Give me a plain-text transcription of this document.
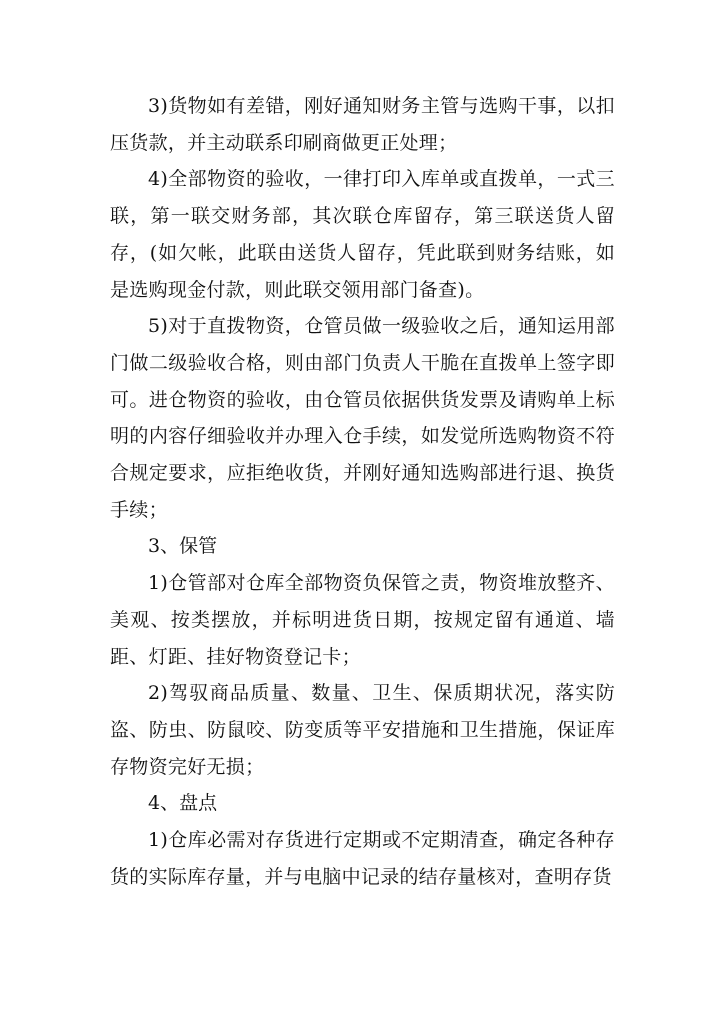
3)货物如有差错，刚好通知财务主管与选购干事，以扣压货款，并主动联系印刷商做更正处理；

4)全部物资的验收，一律打印入库单或直拨单，一式三联，第一联交财务部，其次联仓库留存，第三联送货人留存，(如欠帐，此联由送货人留存，凭此联到财务结账，如是选购现金付款，则此联交领用部门备查)。

5)对于直拨物资，仓管员做一级验收之后，通知运用部门做二级验收合格，则由部门负责人干脆在直拨单上签字即可。进仓物资的验收，由仓管员依据供货发票及请购单上标明的内容仔细验收并办理入仓手续，如发觉所选购物资不符合规定要求，应拒绝收货，并刚好通知选购部进行退、换货手续；

3、保管

1)仓管部对仓库全部物资负保管之责，物资堆放整齐、美观、按类摆放，并标明进货日期，按规定留有通道、墙距、灯距、挂好物资登记卡；

2)驾驭商品质量、数量、卫生、保质期状况，落实防盗、防虫、防鼠咬、防变质等平安措施和卫生措施，保证库存物资完好无损；

4、盘点

1)仓库必需对存货进行定期或不定期清查，确定各种存货的实际库存量，并与电脑中记录的结存量核对，查明存货
